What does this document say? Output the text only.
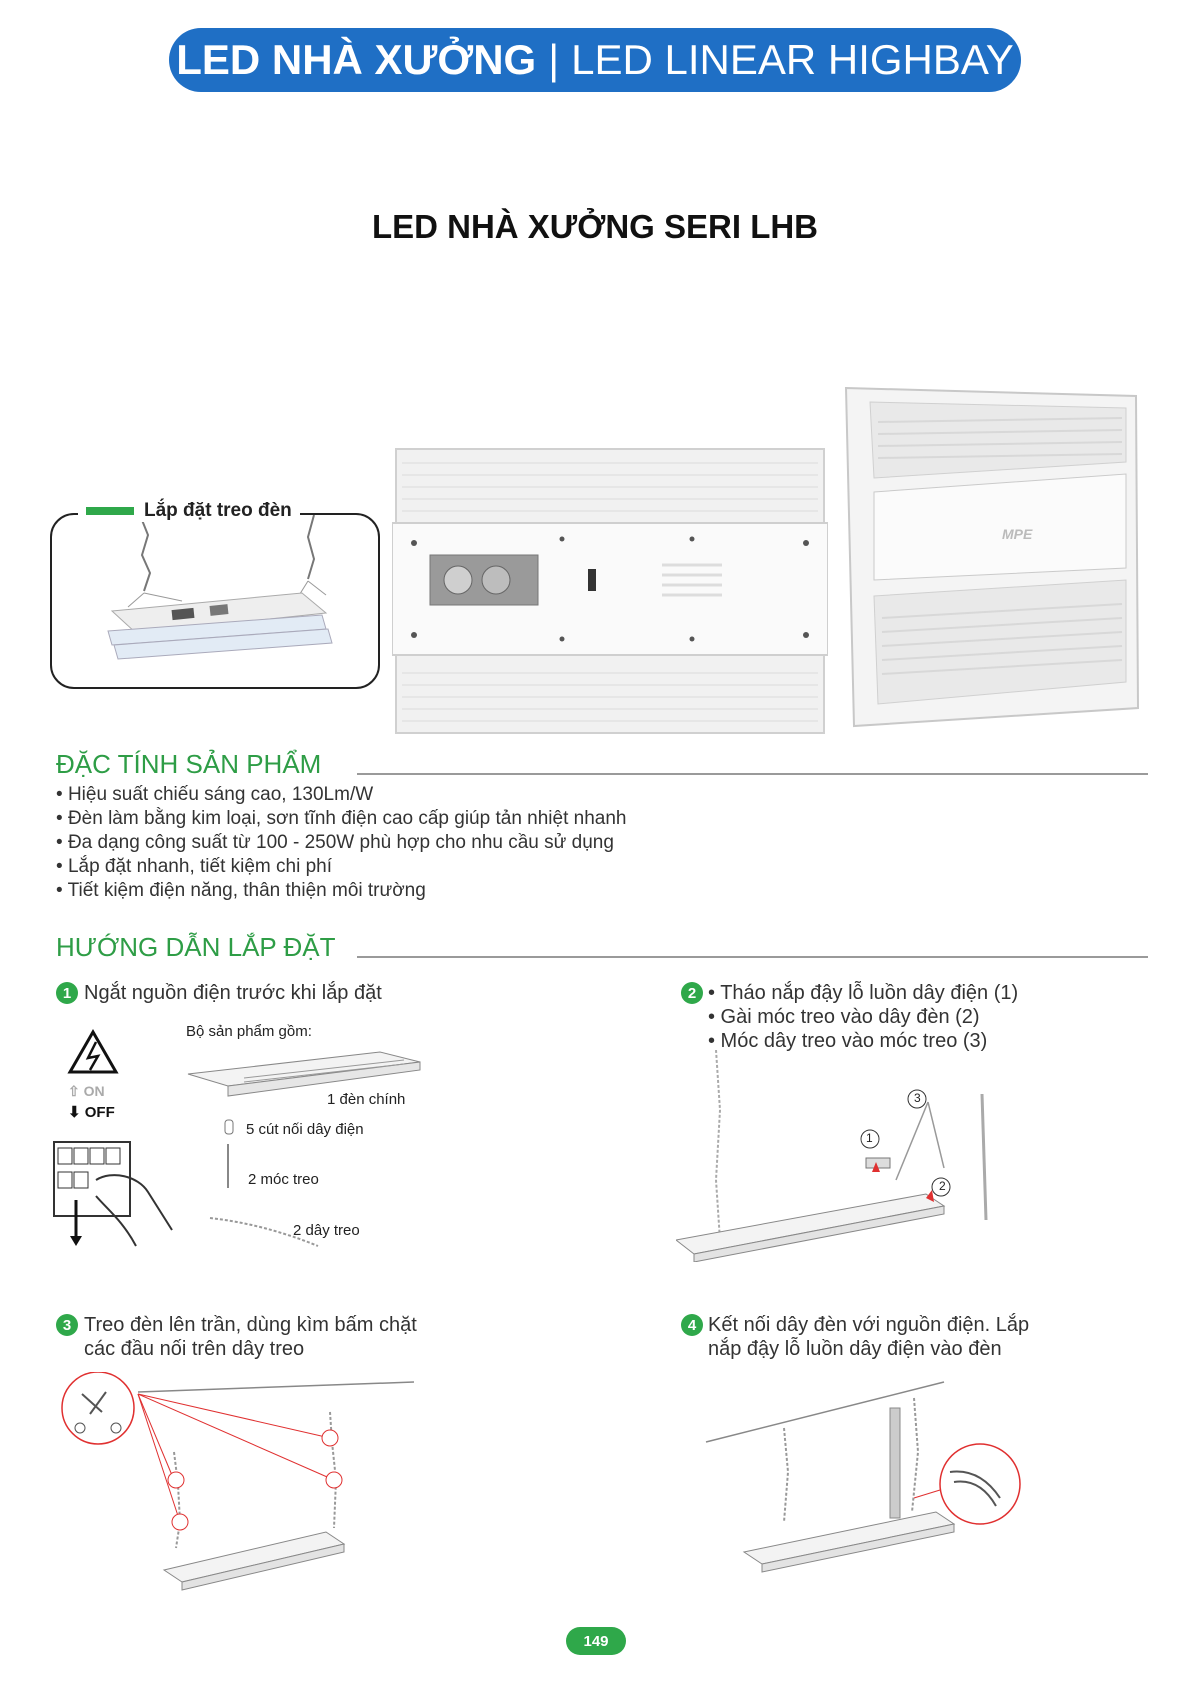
LED NHÀ XƯỞNG | LED LINEAR HIGHBAY
LED NHÀ XƯỞNG SERI LHB
MPE
Lắp đặt treo đèn
ĐẶC TÍNH SẢN PHẨM
• Hiệu suất chiếu sáng cao, 130Lm/W
• Đèn làm bằng kim loại, sơn tĩnh điện cao cấp giúp tản nhiệt nhanh
• Đa dạng công suất từ 100 - 250W phù hợp cho nhu cầu sử dụng
• Lắp đặt nhanh, tiết kiệm chi phí
• Tiết kiệm điện năng, thân thiện môi trường
HƯỚNG DẪN LẮP ĐẶT
1 Ngắt nguồn điện trước khi lắp đặt
⇧ ON
⬇ OFF
Bộ sản phẩm gồm:
1 đèn chính
5 cút nối dây điện
2 móc treo
2 dây treo
2 • Tháo nắp đậy lỗ luồn dây điện (1)
• Gài móc treo vào dây đèn (2)
• Móc dây treo vào móc treo (3)
1
2
3
3 Treo đèn lên trần, dùng kìm bấm chặt
các đầu nối trên dây treo
4 Kết nối dây đèn với nguồn điện. Lắp
nắp đậy lỗ luồn dây điện vào đèn
149
